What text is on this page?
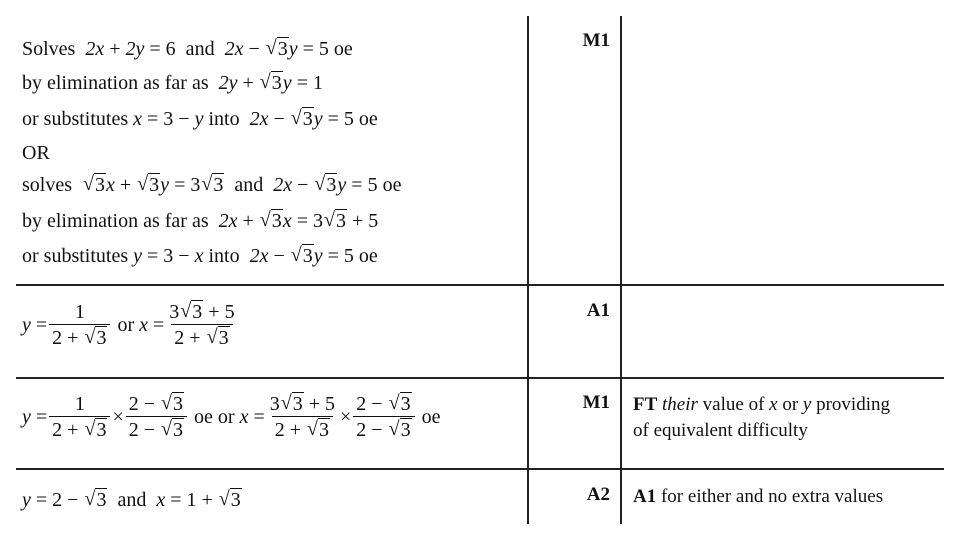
Solves  2x + 2y = 6  and  2x − √ 3y = 5 oe
by elimination as far as  2y + √ 3y = 1
or substitutes x = 3 − y into  2x − √ 3y = 5 oe
OR
solves  √ 3x + √ 3y = 3 √ 3  and  2x − √ 3y = 5 oe
by elimination as far as  2x + √ 3x = 3 √ 3 + 5
or substitutes y = 3 − x into  2x − √ 3y = 5 oe
M1
$y = \frac{1}{2 + √ 3}$ or $x = \frac{3 √ 3 + 5}{2 + √ 3}$	A1
$y = \frac{1}{2 + √ 3} \times \frac{2 - √ 3}{2 - √ 3}$ oe or $x = \frac{3 √ 3 + 5}{2 + √ 3} \times \frac{2 - √ 3}{2 - √ 3}$ oe
M1 FT their value of x or y providing
of equivalent difficulty
y = 2 − √ 3  and  x = 1 + √ 3	A2 A1 for either and no extra values
